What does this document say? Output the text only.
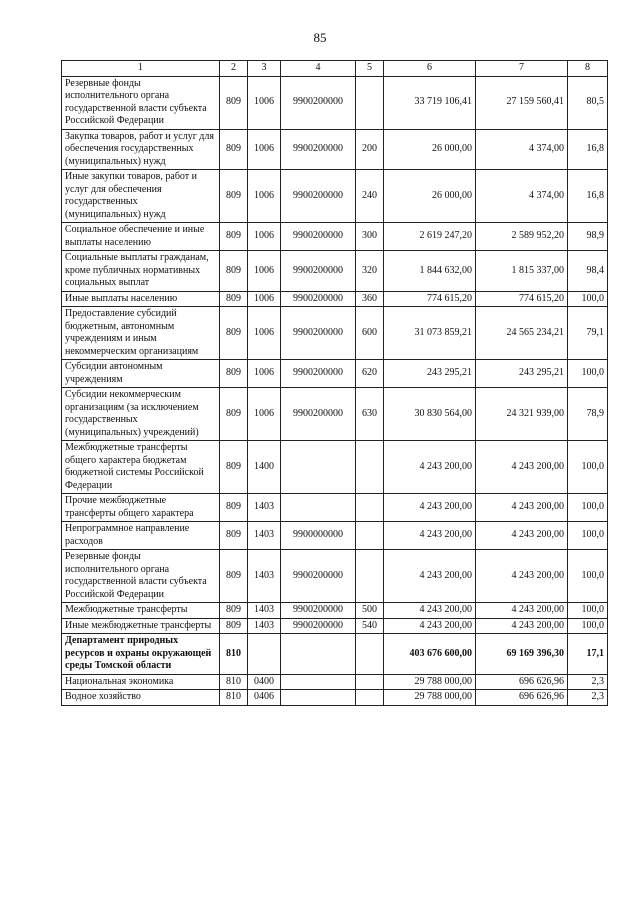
85
1	2	3	4	5	6	7	8
Резервные фонды исполнительного органа государственной власти субъекта Российской Федерации	809	1006	9900200000		33 719 106,41	27 159 560,41	80,5
Закупка товаров, работ и услуг для обеспечения государственных (муниципальных) нужд	809	1006	9900200000	200	26 000,00	4 374,00	16,8
Иные закупки товаров, работ и услуг для обеспечения государственных (муниципальных) нужд	809	1006	9900200000	240	26 000,00	4 374,00	16,8
Социальное обеспечение и иные выплаты населению	809	1006	9900200000	300	2 619 247,20	2 589 952,20	98,9
Социальные выплаты гражданам, кроме публичных нормативных социальных выплат	809	1006	9900200000	320	1 844 632,00	1 815 337,00	98,4
Иные выплаты населению	809	1006	9900200000	360	774 615,20	774 615,20	100,0
Предоставление субсидий бюджетным, автономным учреждениям и иным некоммерческим организациям	809	1006	9900200000	600	31 073 859,21	24 565 234,21	79,1
Субсидии автономным учреждениям	809	1006	9900200000	620	243 295,21	243 295,21	100,0
Субсидии некоммерческим организациям (за исключением государственных (муниципальных) учреждений)	809	1006	9900200000	630	30 830 564,00	24 321 939,00	78,9
Межбюджетные трансферты общего характера бюджетам бюджетной системы Российской Федерации	809	1400			4 243 200,00	4 243 200,00	100,0
Прочие межбюджетные трансферты общего характера	809	1403			4 243 200,00	4 243 200,00	100,0
Непрограммное направление расходов	809	1403	9900000000		4 243 200,00	4 243 200,00	100,0
Резервные фонды исполнительного органа государственной власти субъекта Российской Федерации	809	1403	9900200000		4 243 200,00	4 243 200,00	100,0
Межбюджетные трансферты	809	1403	9900200000	500	4 243 200,00	4 243 200,00	100,0
Иные межбюджетные трансферты	809	1403	9900200000	540	4 243 200,00	4 243 200,00	100,0
Департамент природных ресурсов и охраны окружающей среды Томской области	810				403 676 600,00	69 169 396,30	17,1
Национальная экономика	810	0400			29 788 000,00	696 626,96	2,3
Водное хозяйство	810	0406			29 788 000,00	696 626,96	2,3
